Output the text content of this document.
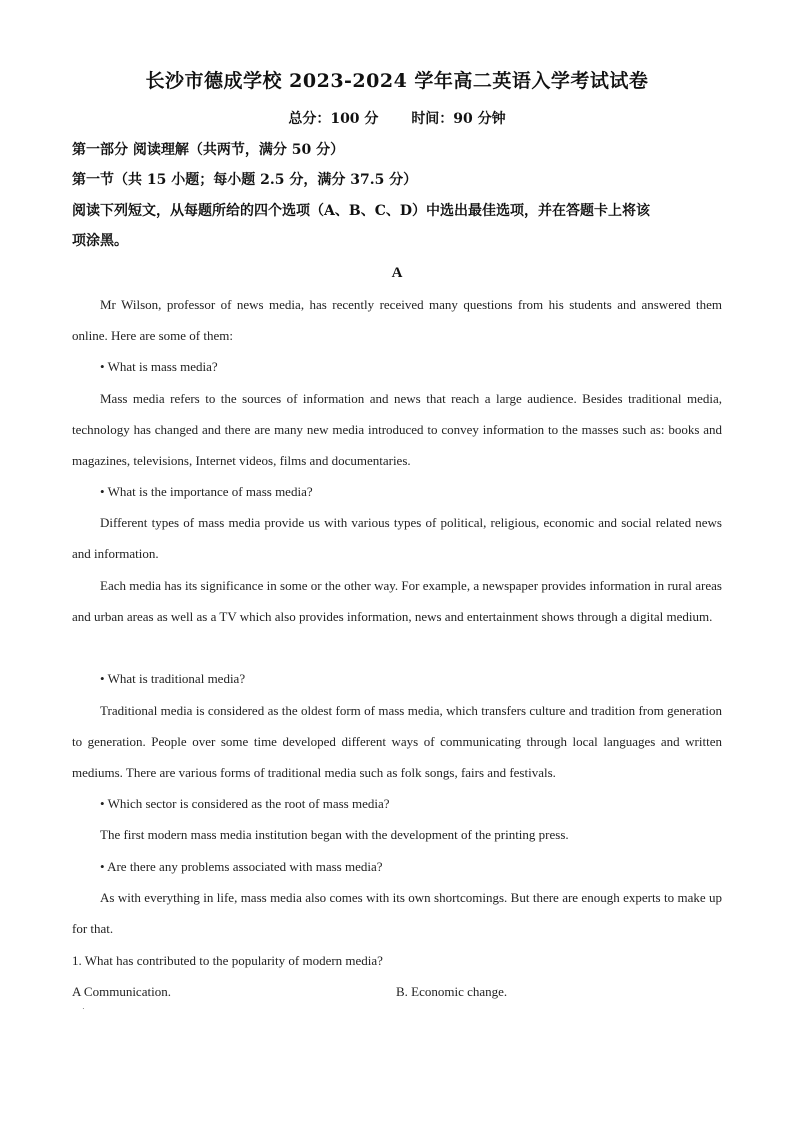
长沙市德成学校 2023-2024 学年高二英语入学考试试卷
总分：100 分 时间：90 分钟
第一部分 阅读理解（共两节，满分 50 分）
第一节（共 15 小题；每小题 2.5 分，满分 37.5 分）
阅读下列短文，从每题所给的四个选项（A、B、C、D）中选出最佳选项，并在答题卡上将该
项涂黑。
A
Mr Wilson, professor of news media, has recently received many questions from his students and answered them online. Here are some of them:
• What is mass media?
Mass media refers to the sources of information and news that reach a large audience. Besides traditional media, technology has changed and there are many new media introduced to convey information to the masses such as: books and magazines, televisions, Internet videos, films and documentaries.
• What is the importance of mass media?
Different types of mass media provide us with various types of political, religious, economic and social related news and information.
Each media has its significance in some or the other way. For example, a newspaper provides information in rural areas and urban areas as well as a TV which also provides information, news and entertainment shows through a digital medium.
• What is traditional media?
Traditional media is considered as the oldest form of mass media, which transfers culture and tradition from generation to generation. People over some time developed different ways of communicating through local languages and written mediums. There are various forms of traditional media such as folk songs, fairs and festivals.
• Which sector is considered as the root of mass media?
The first modern mass media institution began with the development of the printing press.
• Are there any problems associated with mass media?
As with everything in life, mass media also comes with its own shortcomings. But there are enough experts to make up for that.
1. What has contributed to the popularity of modern media?
A Communication.	B. Economic change.
·
